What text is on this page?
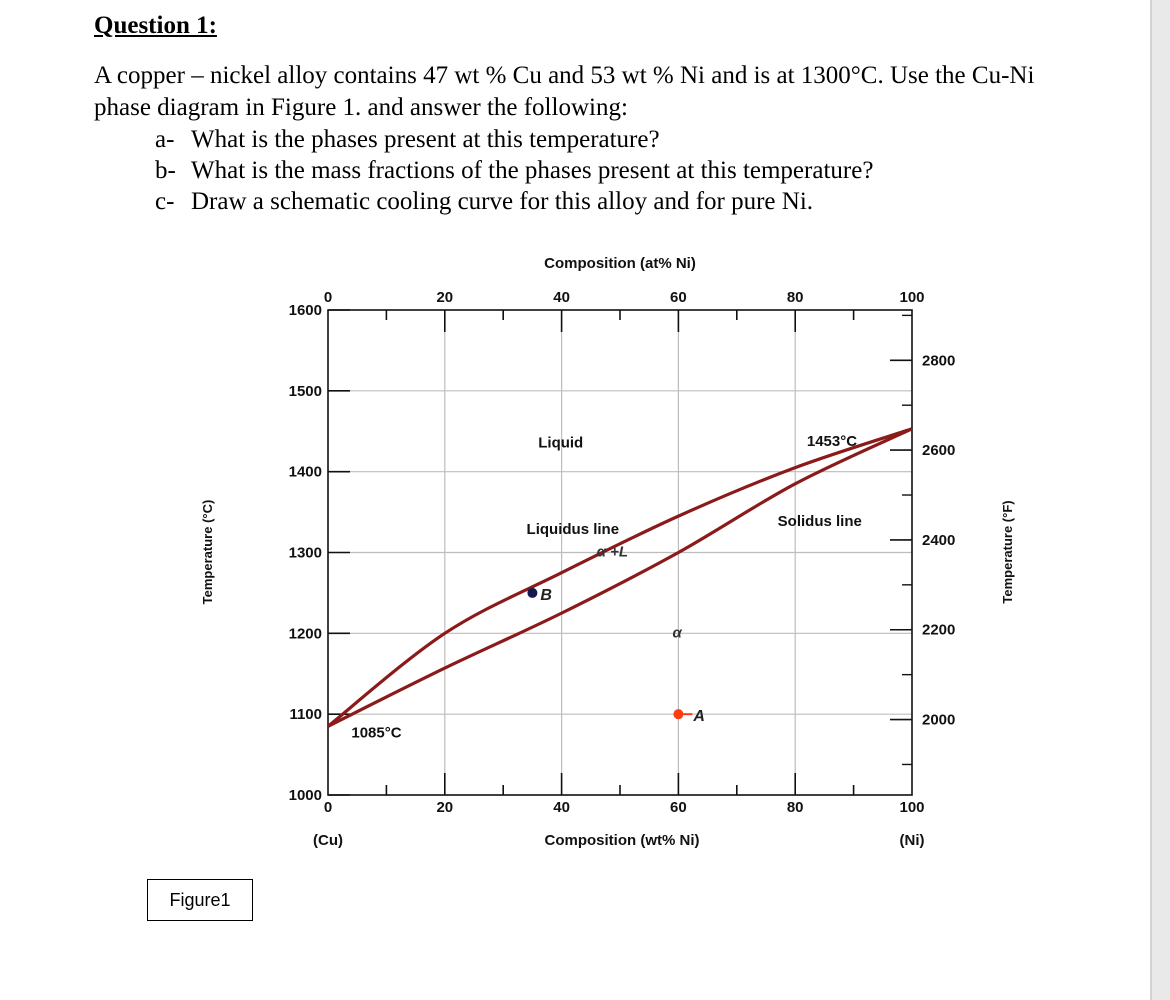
Question 1:
A copper – nickel alloy contains 47 wt % Cu and 53 wt % Ni and is at 1300°C. Use the Cu-Ni phase diagram in Figure 1. and answer the following:
a- What is the phases present at this temperature?
b- What is the mass fractions of the phases present at this temperature?
c- Draw a schematic cooling curve for this alloy and for pure Ni.
1000
1100
1200
1300
1400
1500
1600
2000
2200
2400
2600
2800
0	20	40	60	80	100
0	20	40	60	80	100
Composition (at% Ni)
Composition (wt% Ni)
(Cu)	(Ni)
Temperature (°C)	Temperature (°F)
Liquid
Liquidus line	Solidus line
α +L
α
1453°C
1085°C
A
B
Figure1
